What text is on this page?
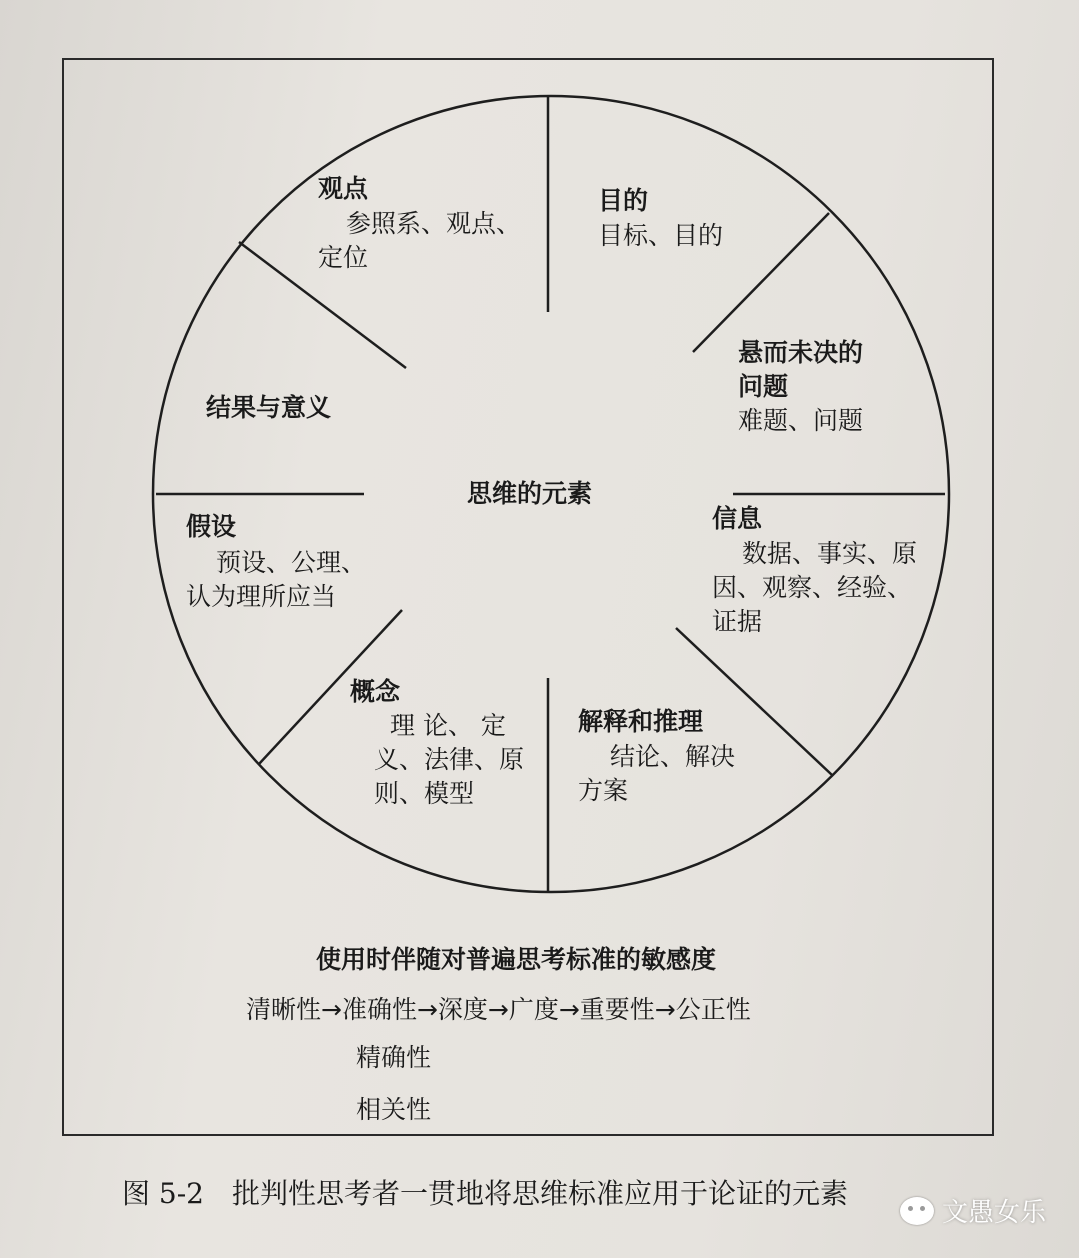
思维的元素
目的
目标、目的
悬而未决的
问题
难题、问题
信息
数据、事实、原
因、观察、经验、
证据
解释和推理
结论、解决
方案
概念
理 论、 定
义、法律、原
则、模型
假设
预设、公理、
认为理所应当
结果与意义
观点
参照系、观点、
定位
使用时伴随对普遍思考标准的敏感度
清晰性→准确性→深度→广度→重要性→公正性
精确性
相关性
图 5-2 批判性思考者一贯地将思维标准应用于论证的元素
文愚女乐
